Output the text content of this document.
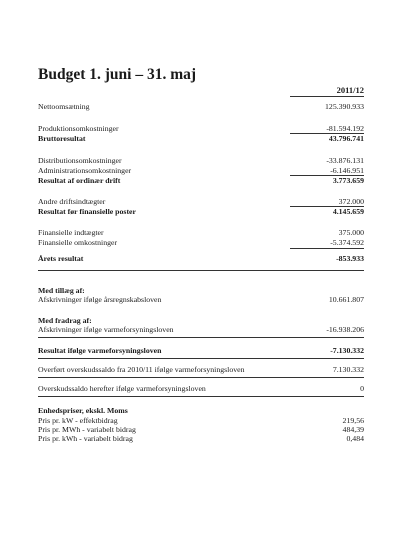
Budget 1. juni – 31. maj
2011/12
Nettoomsætning	125.390.933
Produktionsomkostninger	-81.594.192
Bruttoresultat	43.796.741
Distributionsomkostninger	-33.876.131
Administrationsomkostninger	-6.146.951
Resultat af ordinær drift	3.773.659
Andre driftsindtægter	372.000
Resultat før finansielle poster	4.145.659
Finansielle indtægter	375.000
Finansielle omkostninger	-5.374.592
Årets resultat	-853.933
Med tillæg af:
Afskrivninger ifølge årsregnskabsloven	10.661.807
Med fradrag af:
Afskrivninger ifølge varmeforsyningsloven	-16.938.206
Resultat ifølge varmeforsyningsloven	-7.130.332
Overført overskudssaldo fra 2010/11 ifølge varmeforsyningsloven	7.130.332
Overskudssaldo herefter ifølge varmeforsyningsloven	0
Enhedspriser, ekskl. Moms
Pris pr. kW - effektbidrag	219,56
Pris pr. MWh - variabelt bidrag	484,39
Pris pr. kWh - variabelt bidrag	0,484
